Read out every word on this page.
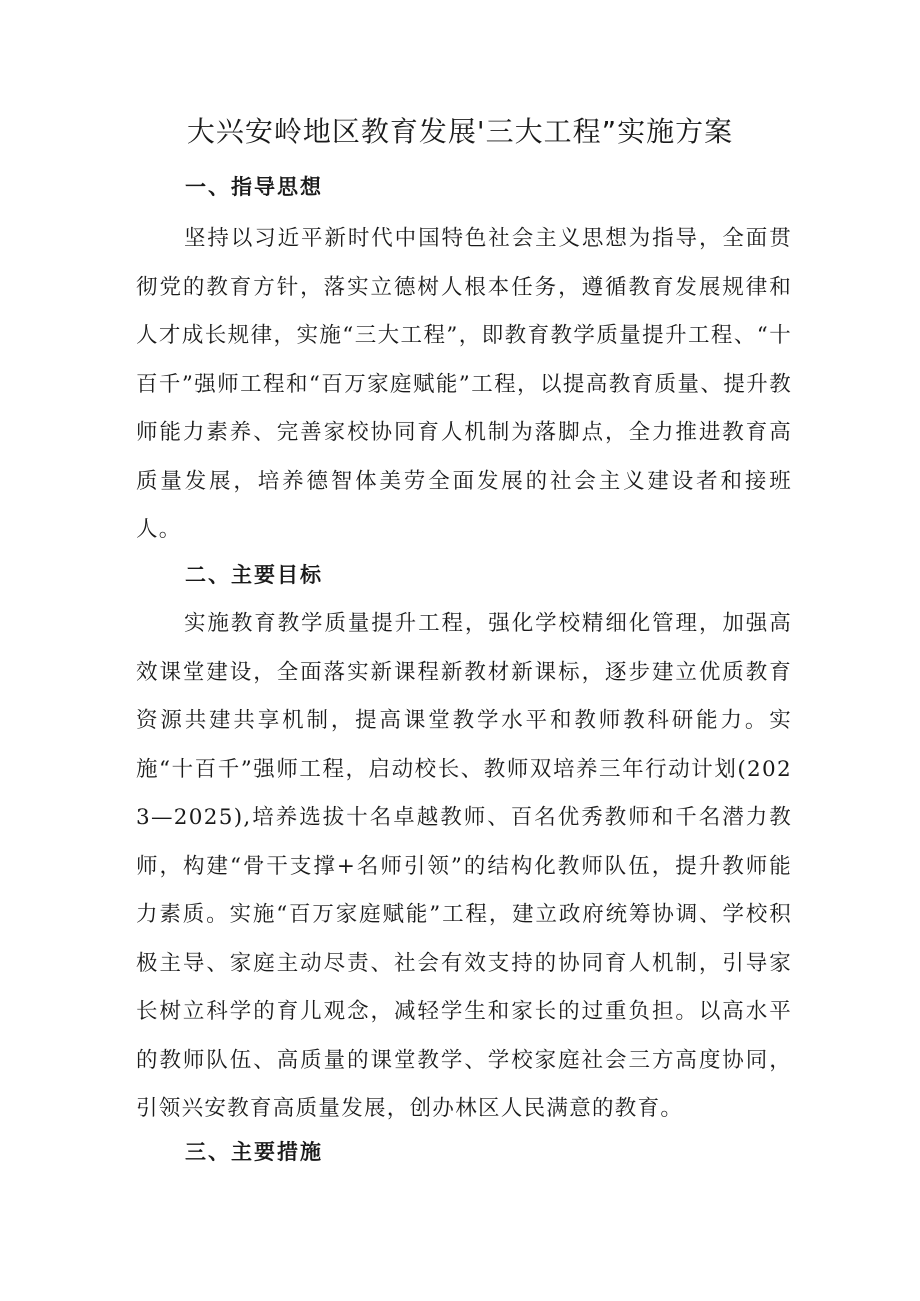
大兴安岭地区教育发展'三大工程”实施方案
一、指导思想

坚持以习近平新时代中国特色社会主义思想为指导，全面贯彻党的教育方针，落实立德树人根本任务，遵循教育发展规律和人才成长规律，实施“三大工程”，即教育教学质量提升工程、“十百千”强师工程和“百万家庭赋能”工程，以提高教育质量、提升教师能力素养、完善家校协同育人机制为落脚点，全力推进教育高质量发展，培养德智体美劳全面发展的社会主义建设者和接班人。

二、主要目标

实施教育教学质量提升工程，强化学校精细化管理，加强高效课堂建设，全面落实新课程新教材新课标，逐步建立优质教育资源共建共享机制，提高课堂教学水平和教师教科研能力。实施“十百千”强师工程，启动校长、教师双培养三年行动计划(2023—2025),培养选拔十名卓越教师、百名优秀教师和千名潜力教师，构建“骨干支撑+名师引领”的结构化教师队伍，提升教师能力素质。实施“百万家庭赋能”工程，建立政府统筹协调、学校积极主导、家庭主动尽责、社会有效支持的协同育人机制，引导家长树立科学的育儿观念，减轻学生和家长的过重负担。以高水平的教师队伍、高质量的课堂教学、学校家庭社会三方高度协同，引领兴安教育高质量发展，创办林区人民满意的教育。

三、主要措施
